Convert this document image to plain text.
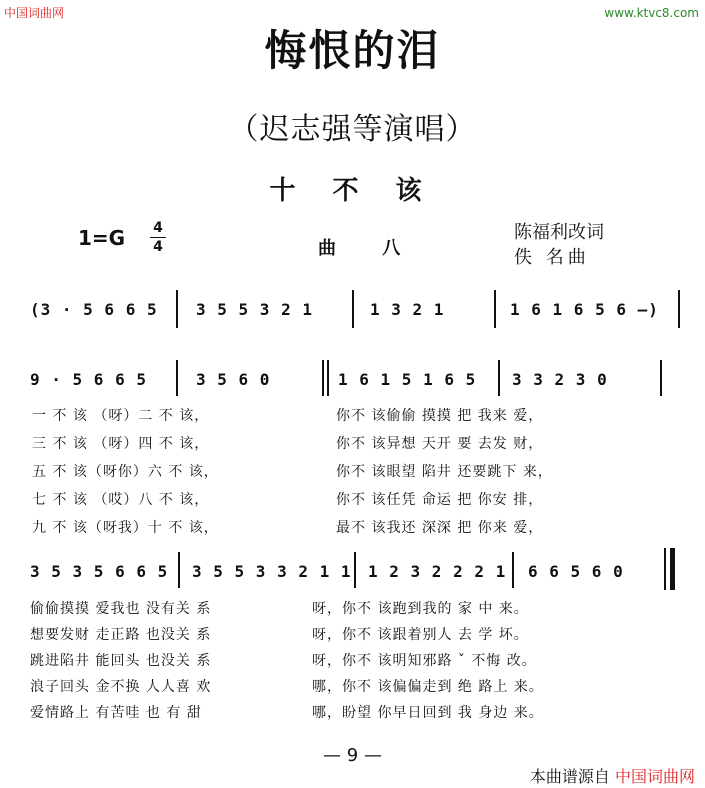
中国词曲网	www.ktvc8.com
悔恨的泪
（迟志强等演唱）
十 不 该
1=G	4
4	曲 八
陈福利改词
佚 名曲
(3 · 5 6 6 5 3 5 5 3 2 1	1 3 2 1	1 6 1 6 5 6 —)
9 · 5 6 6 5	3 5 6 0	1 6 1 5 1 6 5 3 3 2 3 0
一 不 该 （呀）二 不 该，	你不 该偷偷 摸摸 把 我来 爱，
三 不 该 （呀）四 不 该，	你不 该异想 天开 要 去发 财，
五 不 该（呀你）六 不 该，	你不 该眼望 陷井 还要跳下 来，
七 不 该 （哎）八 不 该，	你不 该任凭 命运 把 你安 排，
九 不 该（呀我）十 不 该，	最不 该我还 深深 把 你来 爱，
3 5 3 5 6 6 5 3 5 5 3 3 2 1 1 1 2 3 2 2 2 1 6 6 5 6 0
偷偷摸摸 爱我也 没有关 系	呀，你不 该跑到我的 家 中 来。
想要发财 走正路 也没关 系	呀，你不 该跟着别人 去 学 坏。
跳进陷井 能回头 也没关 系	呀，你不 该明知邪路 ˇ 不悔 改。
浪子回头 金不换 人人喜 欢	哪，你不 该偏偏走到 绝 路上 来。
爱情路上 有苦哇 也 有 甜	哪，盼望 你早日回到 我 身边 来。
— 9 —
本曲谱源自 中国词曲网
